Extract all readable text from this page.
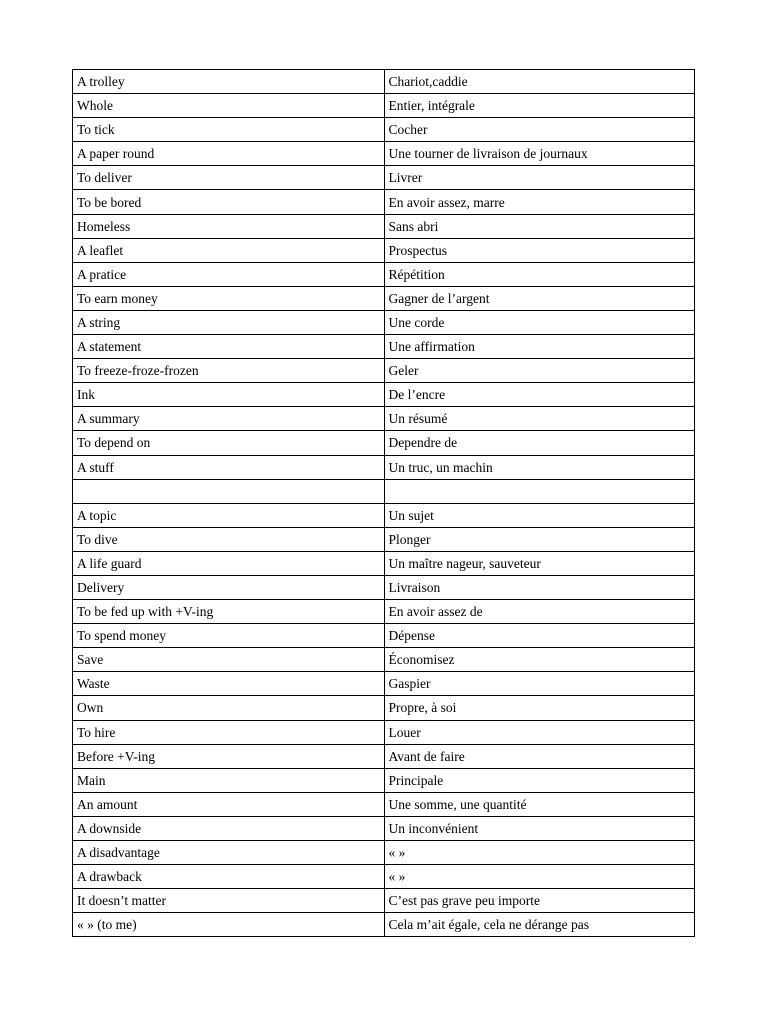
A trolley	Chariot,caddie
Whole	Entier, intégrale
To tick	Cocher
A paper round	Une tourner de livraison de journaux
To deliver	Livrer
To be bored	En avoir assez, marre
Homeless	Sans abri
A leaflet	Prospectus
A pratice	Répétition
To earn money	Gagner de l’argent
A string	Une corde
A statement	Une affirmation
To freeze-froze-frozen	Geler
Ink	De l’encre
A summary	Un résumé
To depend on	Dependre de
A stuff	Un truc, un machin

A topic	Un sujet
To dive	Plonger
A life guard	Un maître nageur, sauveteur
Delivery	Livraison
To be fed up with +V-ing	En avoir assez de
To spend money	Dépense
Save	Économisez
Waste	Gaspier
Own	Propre, à soi
To hire	Louer
Before +V-ing	Avant de faire
Main	Principale
An amount	Une somme, une quantité
A downside	Un inconvénient
A disadvantage	« »
A drawback	« »
It doesn’t matter	C’est pas grave peu importe
« » (to me)	Cela m’ait égale, cela ne dérange pas
